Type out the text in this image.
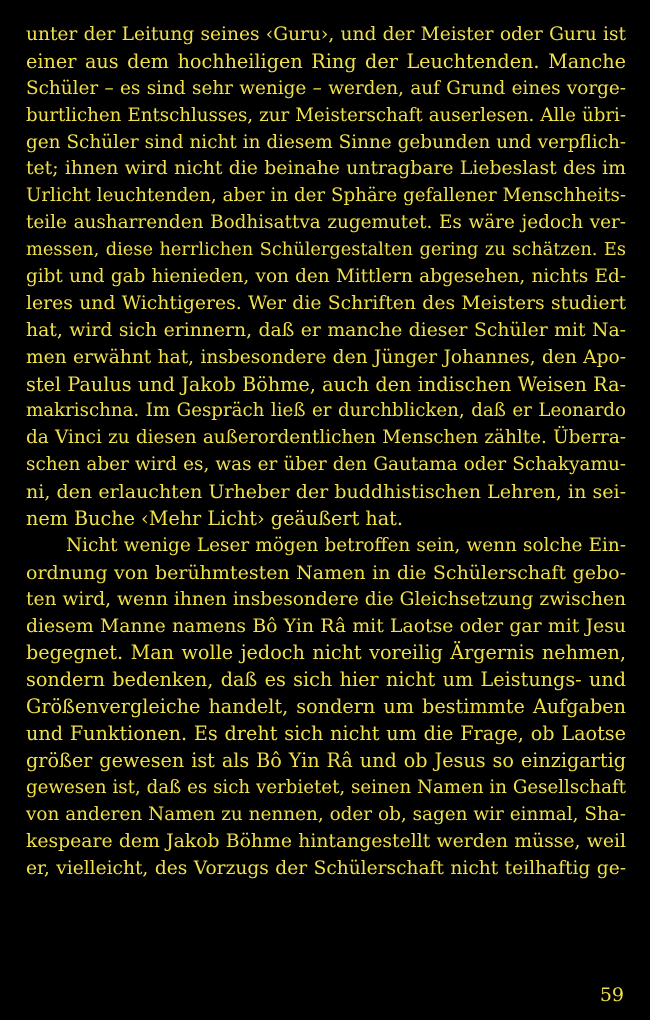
unter der Leitung seines ‹Guru›, und der Meister oder Guru ist
einer aus dem hochheiligen Ring der Leuchtenden. Manche
Schüler – es sind sehr wenige – werden, auf Grund eines vorge-
burtlichen Entschlusses, zur Meisterschaft auserlesen. Alle übri-
gen Schüler sind nicht in diesem Sinne gebunden und verpflich-
tet; ihnen wird nicht die beinahe untragbare Liebeslast des im
Urlicht leuchtenden, aber in der Sphäre gefallener Menschheits-
teile ausharrenden Bodhisattva zugemutet. Es wäre jedoch ver-
messen, diese herrlichen Schülergestalten gering zu schätzen. Es
gibt und gab hienieden, von den Mittlern abgesehen, nichts Ed-
leres und Wichtigeres. Wer die Schriften des Meisters studiert
hat, wird sich erinnern, daß er manche dieser Schüler mit Na-
men erwähnt hat, insbesondere den Jünger Johannes, den Apo-
stel Paulus und Jakob Böhme, auch den indischen Weisen Ra-
makrischna. Im Gespräch ließ er durchblicken, daß er Leonardo
da Vinci zu diesen außerordentlichen Menschen zählte. Überra-
schen aber wird es, was er über den Gautama oder Schakyamu-
ni, den erlauchten Urheber der buddhistischen Lehren, in sei-
nem Buche ‹Mehr Licht› geäußert hat.
Nicht wenige Leser mögen betroffen sein, wenn solche Ein-
ordnung von berühmtesten Namen in die Schülerschaft gebo-
ten wird, wenn ihnen insbesondere die Gleichsetzung zwischen
diesem Manne namens Bô Yin Râ mit Laotse oder gar mit Jesu
begegnet. Man wolle jedoch nicht voreilig Ärgernis nehmen,
sondern bedenken, daß es sich hier nicht um Leistungs- und
Größenvergleiche handelt, sondern um bestimmte Aufgaben
und Funktionen. Es dreht sich nicht um die Frage, ob Laotse
größer gewesen ist als Bô Yin Râ und ob Jesus so einzigartig
gewesen ist, daß es sich verbietet, seinen Namen in Gesellschaft
von anderen Namen zu nennen, oder ob, sagen wir einmal, Sha-
kespeare dem Jakob Böhme hintangestellt werden müsse, weil
er, vielleicht, des Vorzugs der Schülerschaft nicht teilhaftig ge-
59
